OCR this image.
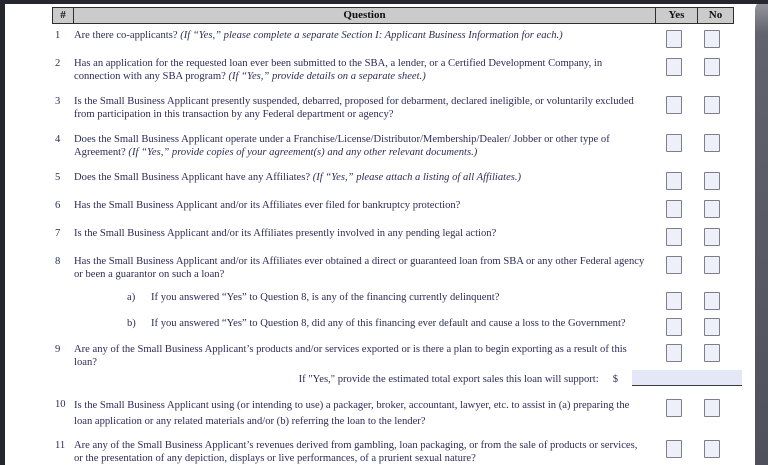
#	Question	Yes	No
1	Are there co-applicants? (If “Yes,” please complete a separate Section I: Applicant Business Information for each.)
2	Has an application for the requested loan ever been submitted to the SBA, a lender, or a Certified Development Company, in connection with any SBA program? (If “Yes,” provide details on a separate sheet.)
3	Is the Small Business Applicant presently suspended, debarred, proposed for debarment, declared ineligible, or voluntarily excluded from participation in this transaction by any Federal department or agency?
4	Does the Small Business Applicant operate under a Franchise/License/Distributor/Membership/Dealer/ Jobber or other type of Agreement? (If “Yes,” provide copies of your agreement(s) and any other relevant documents.)
5	Does the Small Business Applicant have any Affiliates? (If “Yes,” please attach a listing of all Affiliates.)
6	Has the Small Business Applicant and/or its Affiliates ever filed for bankruptcy protection?
7	Is the Small Business Applicant and/or its Affiliates presently involved in any pending legal action?
8	Has the Small Business Applicant and/or its Affiliates ever obtained a direct or guaranteed loan from SBA or any other Federal agency or been a guarantor on such a loan?
a) If you answered “Yes” to Question 8, is any of the financing currently delinquent?
b) If you answered “Yes” to Question 8, did any of this financing ever default and cause a loss to the Government?
9	Are any of the Small Business Applicant’s products and/or services exported or is there a plan to begin exporting as a result of this loan?
If "Yes," provide the estimated total export sales this loan will support: $
10 Is the Small Business Applicant using (or intending to use) a packager, broker, accountant, lawyer, etc. to assist in (a) preparing the loan application or any related materials and/or (b) referring the loan to the lender?
11 Are any of the Small Business Applicant’s revenues derived from gambling, loan packaging, or from the sale of products or services, or the presentation of any depiction, displays or live performances, of a prurient sexual nature?
